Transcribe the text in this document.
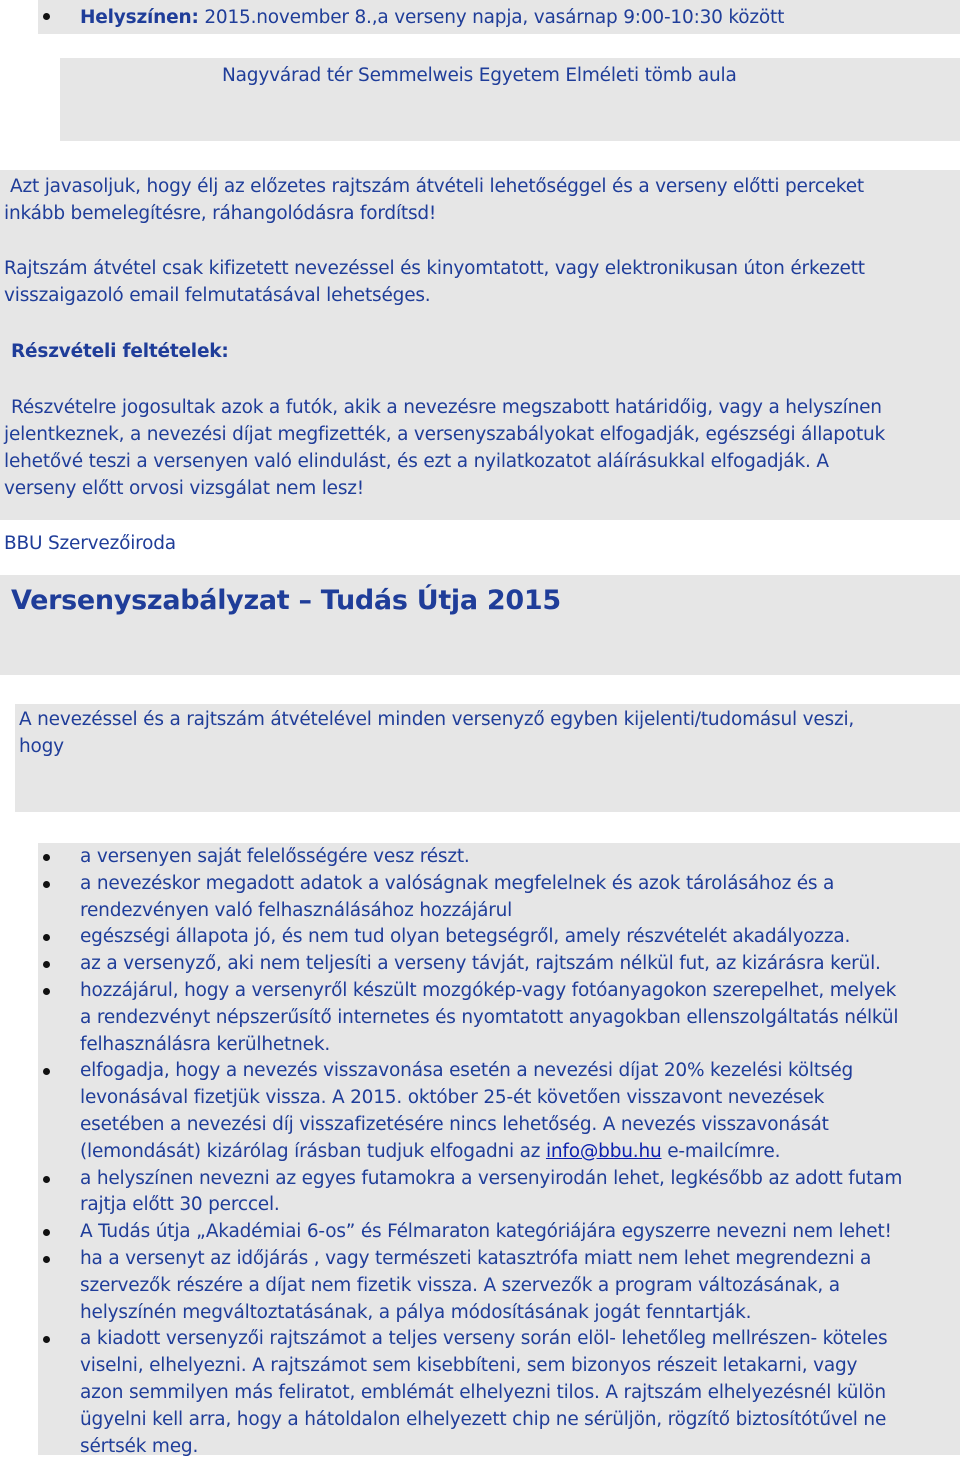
Helyszínen: 2015.november 8.,a verseny napja, vasárnap 9:00-10:30 között
Nagyvárad tér Semmelweis Egyetem Elméleti tömb aula
Azt javasoljuk, hogy élj az előzetes rajtszám átvételi lehetőséggel és a verseny előtti perceket
inkább bemelegítésre, ráhangolódásra fordítsd!
Rajtszám átvétel csak kifizetett nevezéssel és kinyomtatott, vagy elektronikusan úton érkezett
visszaigazoló email felmutatásával lehetséges.
Részvételi feltételek:
Részvételre jogosultak azok a futók, akik a nevezésre megszabott határidőig, vagy a helyszínen
jelentkeznek, a nevezési díjat megfizették, a versenyszabályokat elfogadják, egészségi állapotuk
lehetővé teszi a versenyen való elindulást, és ezt a nyilatkozatot aláírásukkal elfogadják. A
verseny előtt orvosi vizsgálat nem lesz!
BBU Szervezőiroda
Versenyszabályzat – Tudás Útja 2015
A nevezéssel és a rajtszám átvételével minden versenyző egyben kijelenti/tudomásul veszi,
hogy
a versenyen saját felelősségére vesz részt.
a nevezéskor megadott adatok a valóságnak megfelelnek és azok tárolásához és a
rendezvényen való felhasználásához hozzájárul
egészségi állapota jó, és nem tud olyan betegségről, amely részvételét akadályozza.
az a versenyző, aki nem teljesíti a verseny távját, rajtszám nélkül fut, az kizárásra kerül.
hozzájárul, hogy a versenyről készült mozgókép-vagy fotóanyagokon szerepelhet, melyek
a rendezvényt népszerűsítő internetes és nyomtatott anyagokban ellenszolgáltatás nélkül
felhasználásra kerülhetnek.
elfogadja, hogy a nevezés visszavonása esetén a nevezési díjat 20% kezelési költség
levonásával fizetjük vissza. A 2015. október 25-ét követően visszavont nevezések
esetében a nevezési díj visszafizetésére nincs lehetőség. A nevezés visszavonását
(lemondását) kizárólag írásban tudjuk elfogadni az info@bbu.hu e-mailcímre.
a helyszínen nevezni az egyes futamokra a versenyirodán lehet, legkésőbb az adott futam
rajtja előtt 30 perccel.
A Tudás útja „Akadémiai 6-os” és Félmaraton kategóriájára egyszerre nevezni nem lehet!
ha a versenyt az időjárás , vagy természeti katasztrófa miatt nem lehet megrendezni a
szervezők részére a díjat nem fizetik vissza. A szervezők a program változásának, a
helyszínén megváltoztatásának, a pálya módosításának jogát fenntartják.
a kiadott versenyzői rajtszámot a teljes verseny során elöl- lehetőleg mellrészen- köteles
viselni, elhelyezni. A rajtszámot sem kisebbíteni, sem bizonyos részeit letakarni, vagy
azon semmilyen más feliratot, emblémát elhelyezni tilos. A rajtszám elhelyezésnél külön
ügyelni kell arra, hogy a hátoldalon elhelyezett chip ne sérüljön, rögzítő biztosítótűvel ne
sértsék meg.
